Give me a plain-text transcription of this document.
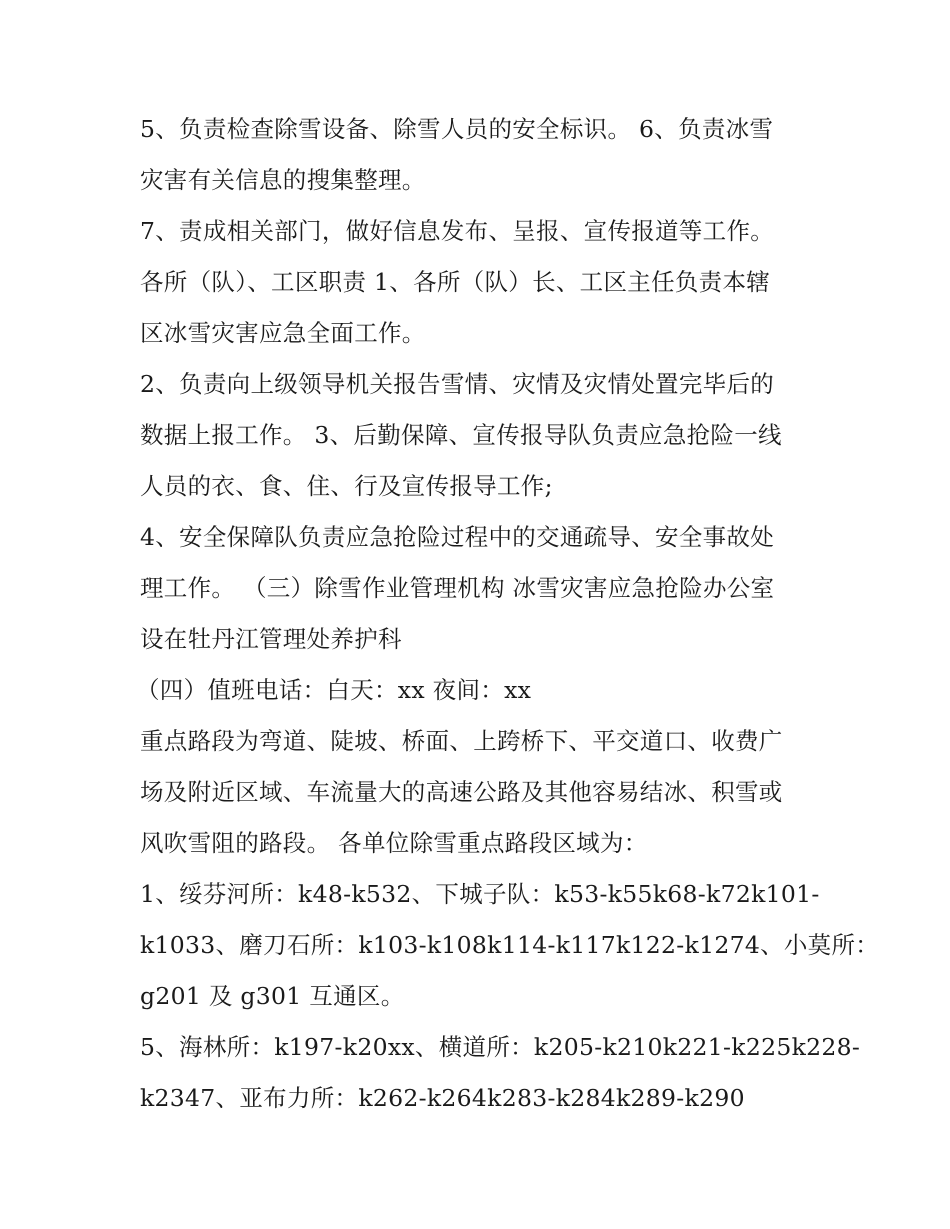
5、负责检查除雪设备、除雪人员的安全标识。 6、负责冰雪
灾害有关信息的搜集整理。
7、责成相关部门，做好信息发布、呈报、宣传报道等工作。
各所（队）、工区职责 1、各所（队）长、工区主任负责本辖
区冰雪灾害应急全面工作。
2、负责向上级领导机关报告雪情、灾情及灾情处置完毕后的
数据上报工作。 3、后勤保障、宣传报导队负责应急抢险一线
人员的衣、食、住、行及宣传报导工作;
4、安全保障队负责应急抢险过程中的交通疏导、安全事故处
理工作。 （三）除雪作业管理机构 冰雪灾害应急抢险办公室
设在牡丹江管理处养护科
（四）值班电话：白天：xx 夜间：xx
重点路段为弯道、陡坡、桥面、上跨桥下、平交道口、收费广
场及附近区域、车流量大的高速公路及其他容易结冰、积雪或
风吹雪阻的路段。 各单位除雪重点路段区域为：
1、绥芬河所：k48-k532、下城子队：k53-k55k68-k72k101-
k1033、磨刀石所：k103-k108k114-k117k122-k1274、小莫所：
g201 及 g301 互通区。
5、海林所：k197-k20xx、横道所：k205-k210k221-k225k228-
k2347、亚布力所：k262-k264k283-k284k289-k290
